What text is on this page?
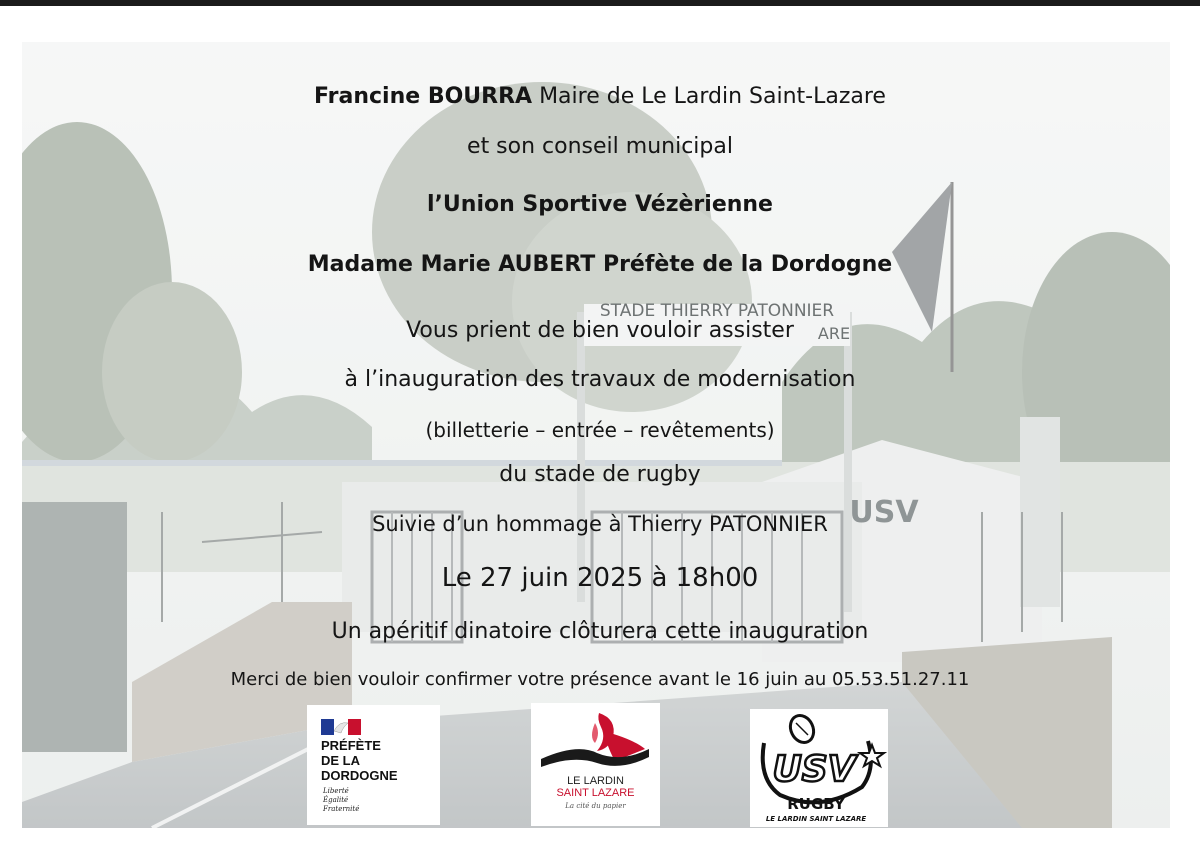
STADE THIERRY PATONNIER
ARE
USV
Francine BOURRA Maire de Le Lardin Saint-Lazare
et son conseil municipal
l’Union Sportive Vézèrienne
Madame Marie AUBERT Préfète de la Dordogne
Vous prient de bien vouloir assister
à l’inauguration des travaux de modernisation
(billetterie – entrée – revêtements)
du stade de rugby
Suivie d’un hommage à Thierry PATONNIER
Le 27 juin 2025 à 18h00
Un apéritif dinatoire clôturera cette inauguration
Merci de bien vouloir confirmer votre présence avant le 16 juin au 05.53.51.27.11
PRÉFÈTE
DE LA
DORDOGNE
Liberté
Égalité
Fraternité
LE LARDIN
SAINT LAZARE
La cité du papier
USV
RUGBY
LE LARDIN SAINT LAZARE
